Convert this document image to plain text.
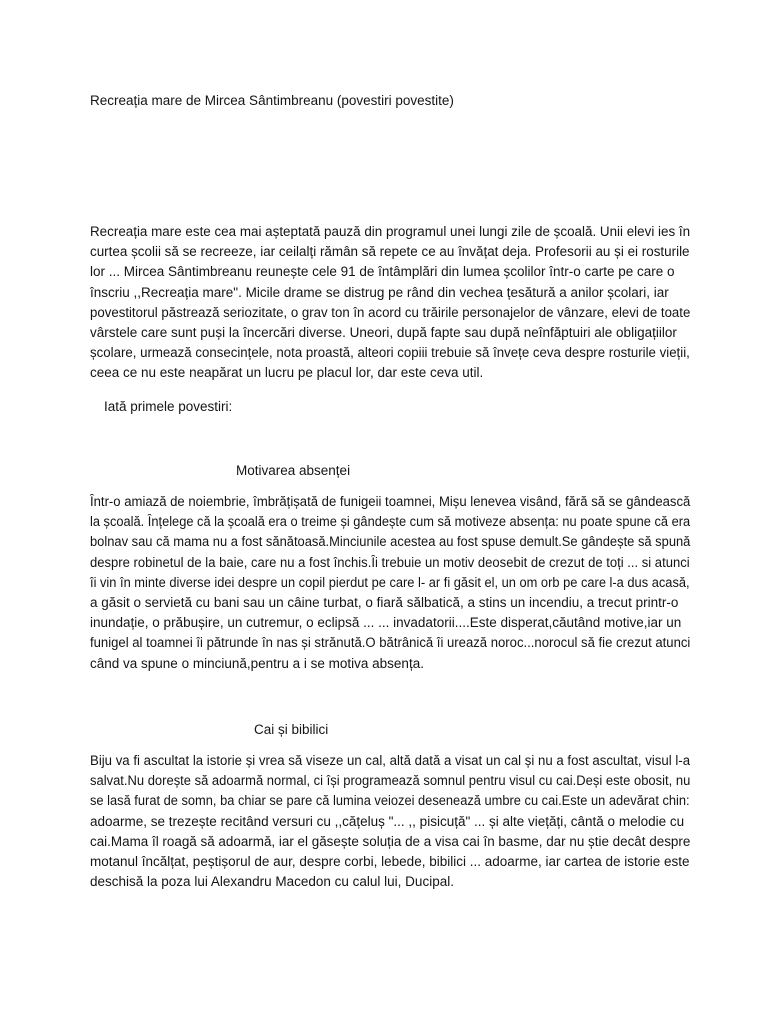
Recreația mare de Mircea Sântimbreanu (povestiri povestite)

Recreația mare este cea mai așteptată pauză din programul unei lungi zile de școală. Unii elevi ies în
curtea școlii să se recreeze, iar ceilalți rămân să repete ce au învățat deja. Profesorii au și ei rosturile
lor ... Mircea Sântimbreanu reunește cele 91 de întâmplări din lumea școlilor într-o carte pe care o
înscriu ,,Recreația mare". Micile drame se distrug pe rând din vechea țesătură a anilor școlari, iar
povestitorul păstrează seriozitate, o grav ton în acord cu trăirile personajelor de vânzare, elevi de toate
vârstele care sunt puși la încercări diverse. Uneori, după fapte sau după neînfăptuiri ale obligațiilor
școlare, urmează consecințele, nota proastă, alteori copiii trebuie să învețe ceva despre rosturile vieții,
ceea ce nu este neapărat un lucru pe placul lor, dar este ceva util.

Iată primele povestiri:

Motivarea absenței

Într-o amiază de noiembrie, îmbrățișată de funigeii toamnei, Mișu lenevea visând, fără să se gândească
la școală. Înțelege că la școală era o treime și gândește cum să motiveze absența: nu poate spune că era
bolnav sau că mama nu a fost sănătoasă.Minciunile acestea au fost spuse demult.Se gândește să spună
despre robinetul de la baie, care nu a fost închis.Îi trebuie un motiv deosebit de crezut de toți ... si atunci
îi vin în minte diverse idei despre un copil pierdut pe care l- ar fi găsit el, un om orb pe care l-a dus acasă,
a găsit o servietă cu bani sau un câine turbat, o fiară sălbatică, a stins un incendiu, a trecut printr-o
inundație, o prăbușire, un cutremur, o eclipsă ... ... invadatorii....Este disperat,căutând motive,iar un
funigel al toamnei îi pătrunde în nas și strănută.O bătrânică îi urează noroc...norocul să fie crezut atunci
când va spune o minciună,pentru a i se motiva absența.

Cai și bibilici

Biju va fi ascultat la istorie și vrea să viseze un cal, altă dată a visat un cal și nu a fost ascultat, visul l-a
salvat.Nu dorește să adoarmă normal, ci își programează somnul pentru visul cu cai.Deși este obosit, nu
se lasă furat de somn, ba chiar se pare că lumina veiozei desenează umbre cu cai.Este un adevărat chin:
adoarme, se trezește recitând versuri cu ,,cățeluș "... ,, pisicuță" ... și alte viețăți, cântă o melodie cu
cai.Mama îl roagă să adoarmă, iar el găsește soluția de a visa cai în basme, dar nu știe decât despre
motanul încălțat, peștișorul de aur, despre corbi, lebede, bibilici ... adoarme, iar cartea de istorie este
deschisă la poza lui Alexandru Macedon cu calul lui, Ducipal.
